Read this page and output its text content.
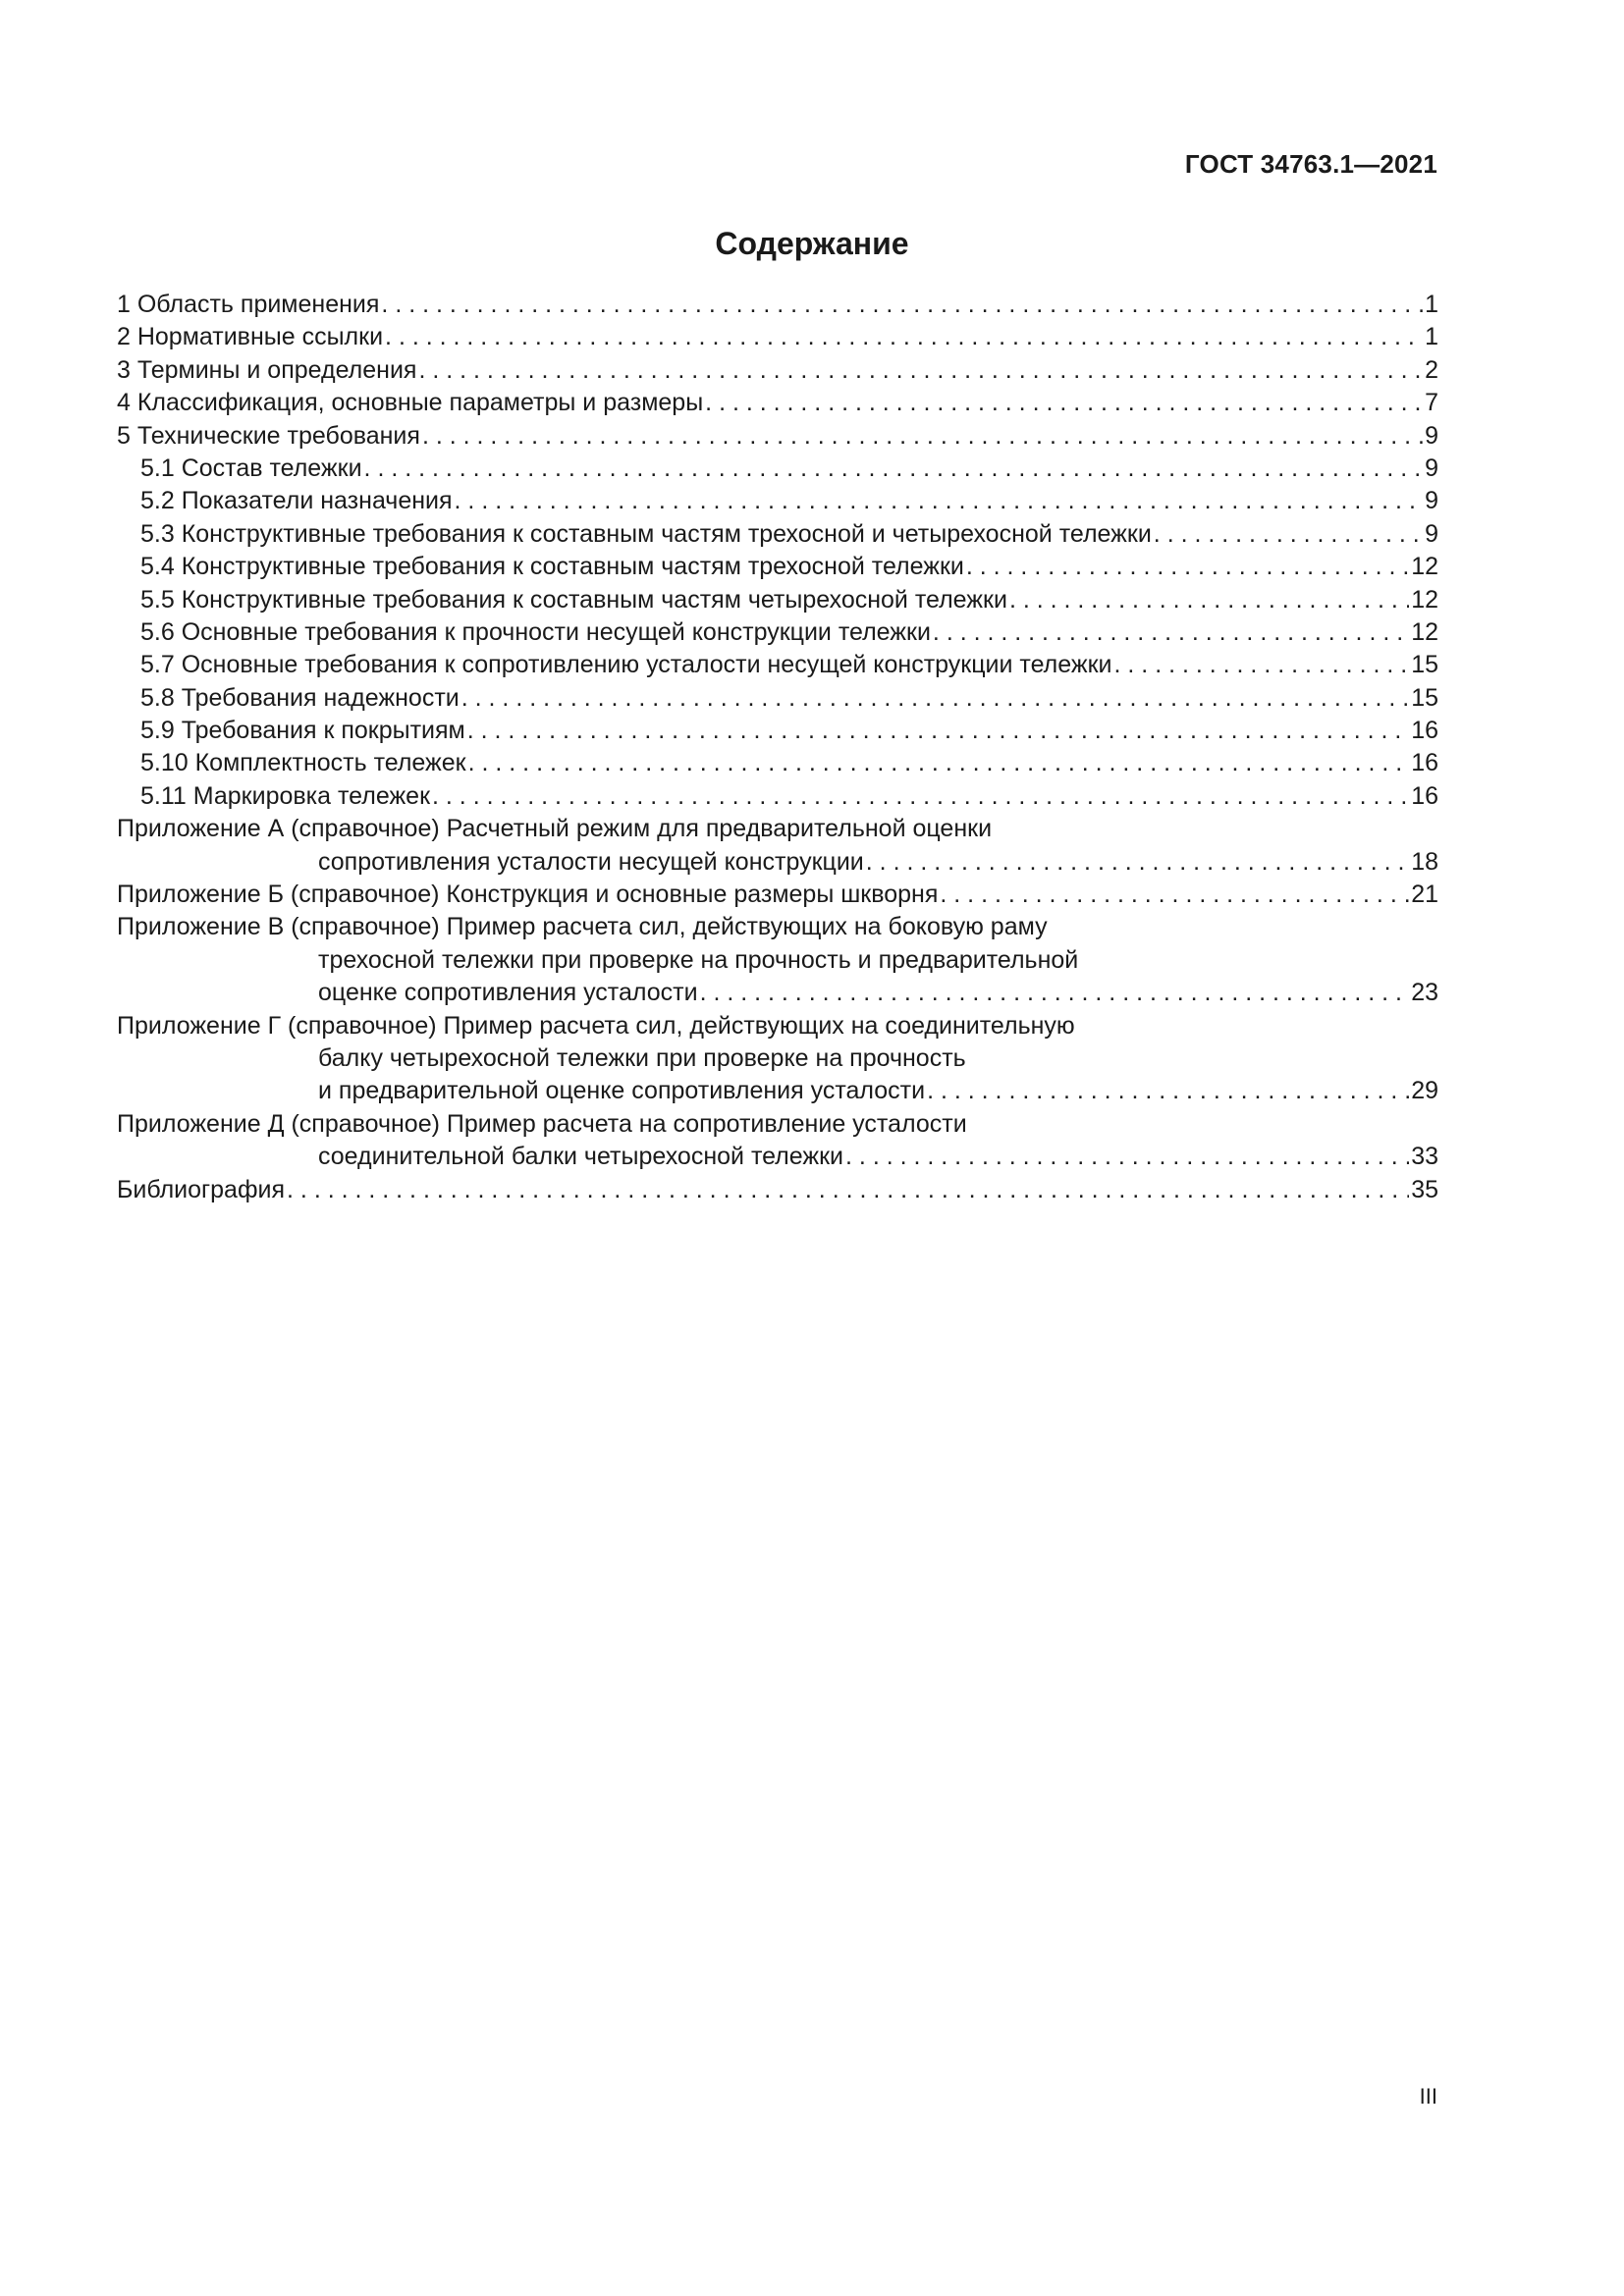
ГОСТ 34763.1—2021
Содержание
1 Область применения . . .	1
2 Нормативные ссылки . . .	1
3 Термины и определения . . .	2
4 Классификация, основные параметры и размеры . . .	7
5 Технические требования . . .	9
5.1 Состав тележки . . .	9
5.2 Показатели назначения . . .	9
5.3 Конструктивные требования к составным частям трехосной и четырехосной тележки . . .	9
5.4 Конструктивные требования к составным частям трехосной тележки . . .	12
5.5 Конструктивные требования к составным частям четырехосной тележки . . .	12
5.6 Основные требования к прочности несущей конструкции тележки . . .	12
5.7 Основные требования к сопротивлению усталости несущей конструкции тележки . . .	15
5.8 Требования надежности . . .	15
5.9 Требования к покрытиям . . .	16
5.10 Комплектность тележек . . .	16
5.11 Маркировка тележек . . .	16
Приложение А (справочное) Расчетный режим для предварительной оценки
сопротивления усталости несущей конструкции . . .	18
Приложение Б (справочное) Конструкция и основные размеры шкворня . . .	21
Приложение В (справочное) Пример расчета сил, действующих на боковую раму
трехосной тележки при проверке на прочность и предварительной
оценке сопротивления усталости . . .	23
Приложение Г (справочное) Пример расчета сил, действующих на соединительную
балку четырехосной тележки при проверке на прочность
и предварительной оценке сопротивления усталости . . .	29
Приложение Д (справочное) Пример расчета на сопротивление усталости
соединительной балки четырехосной тележки . . .	33
Библиография . . .	35
III
